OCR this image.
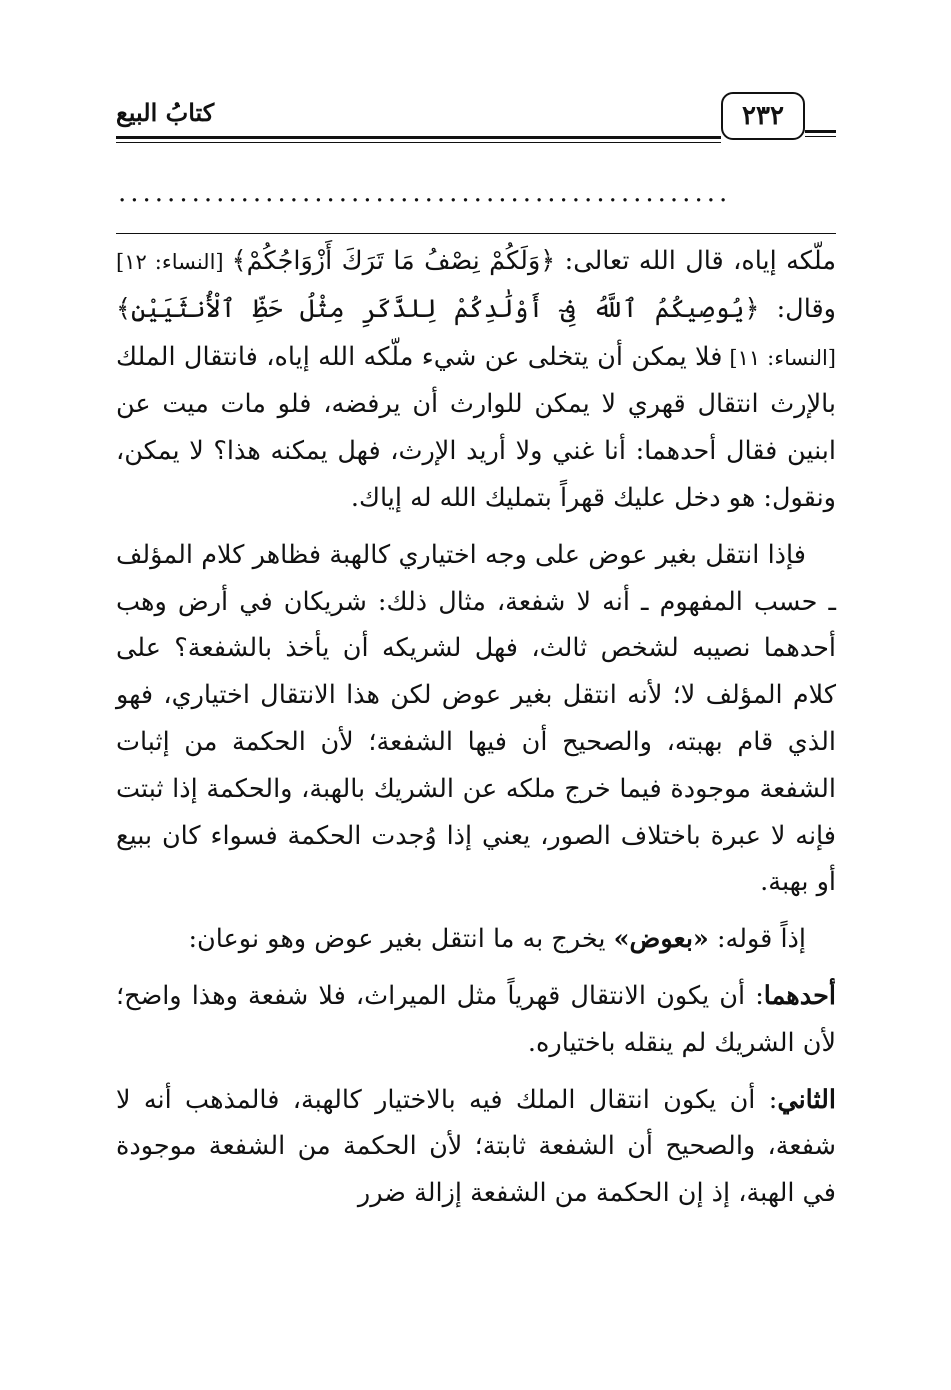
كتابُ البيع	٢٣٢
..................................................

ملّكه إياه، قال الله تعالى: ﴿وَلَكُمْ نِصْفُ مَا تَرَكَ أَزْوَاجُكُمْ﴾ [النساء: ١٢] وقال: ﴿يُوصِيكُمُ ٱللَّهُ فِىٓ أَوْلَٰدِكُمْ لِلذَّكَرِ مِثْلُ حَظِّ ٱلْأُنثَيَيْنِ﴾ [النساء: ١١] فلا يمكن أن يتخلى عن شيء ملّكه الله إياه، فانتقال الملك بالإرث انتقال قهري لا يمكن للوارث أن يرفضه، فلو مات ميت عن ابنين فقال أحدهما: أنا غني ولا أريد الإرث، فهل يمكنه هذا؟ لا يمكن، ونقول: هو دخل عليك قهراً بتمليك الله له إياك.

فإذا انتقل بغير عوض على وجه اختياري كالهبة فظاهر كلام المؤلف ـ حسب المفهوم ـ أنه لا شفعة، مثال ذلك: شريكان في أرض وهب أحدهما نصيبه لشخص ثالث، فهل لشريكه أن يأخذ بالشفعة؟ على كلام المؤلف لا؛ لأنه انتقل بغير عوض لكن هذا الانتقال اختياري، فهو الذي قام بهبته، والصحيح أن فيها الشفعة؛ لأن الحكمة من إثبات الشفعة موجودة فيما خرج ملكه عن الشريك بالهبة، والحكمة إذا ثبتت فإنه لا عبرة باختلاف الصور، يعني إذا وُجدت الحكمة فسواء كان ببيع أو بهبة.

إذاً قوله: «بعوض» يخرج به ما انتقل بغير عوض وهو نوعان:

أحدهما: أن يكون الانتقال قهرياً مثل الميراث، فلا شفعة وهذا واضح؛ لأن الشريك لم ينقله باختياره.

الثاني: أن يكون انتقال الملك فيه بالاختيار كالهبة، فالمذهب أنه لا شفعة، والصحيح أن الشفعة ثابتة؛ لأن الحكمة من الشفعة موجودة في الهبة، إذ إن الحكمة من الشفعة إزالة ضرر
